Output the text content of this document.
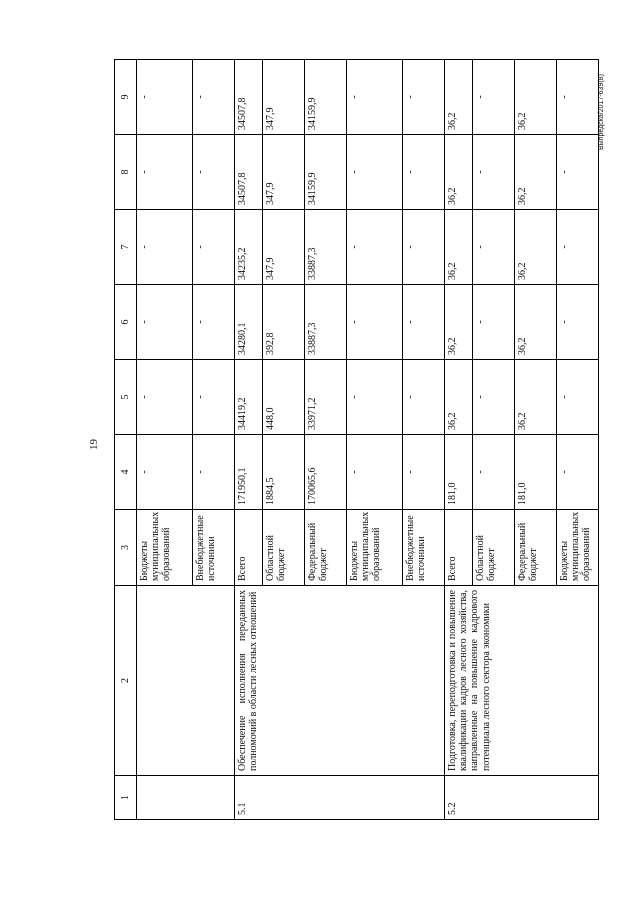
19
1	2	3	4	5	6	7	8	9
		Бюджеты муниципальных образований	-	-	-	-	-	-
		Внебюджетные источники	-	-	-	-	-	-
5.1	Обеспечение исполнения переданных полномочий в области лесных отношений	Всего	171950,1	34419,2	34280,1	34235,2	34507,8	34507,8
		Областной бюджет	1884,5	448,0	392,8	347,9	347,9	347,9
		Федеральный бюджет	170065,6	33971,2	33887,3	33887,3	34159,9	34159,9
		Бюджеты муниципальных образований	-	-	-	-	-	-
		Внебюджетные источники	-	-	-	-	-	-
5.2	Подготовка, переподготовка и повышение квалификации кадров лесного хозяйства, направленные на повышение кадрового потенциала лесного сектора экономики	Всего	181,0	36,2	36,2	36,2	36,2	36,2
		Областной бюджет	-	-	-	-	-	-
		Федеральный бюджет	181,0	36,2	36,2	36,2	36,2	36,2
		Бюджеты муниципальных образований	-	-	-	-	-	-	Выпредска/2017-639(8)
